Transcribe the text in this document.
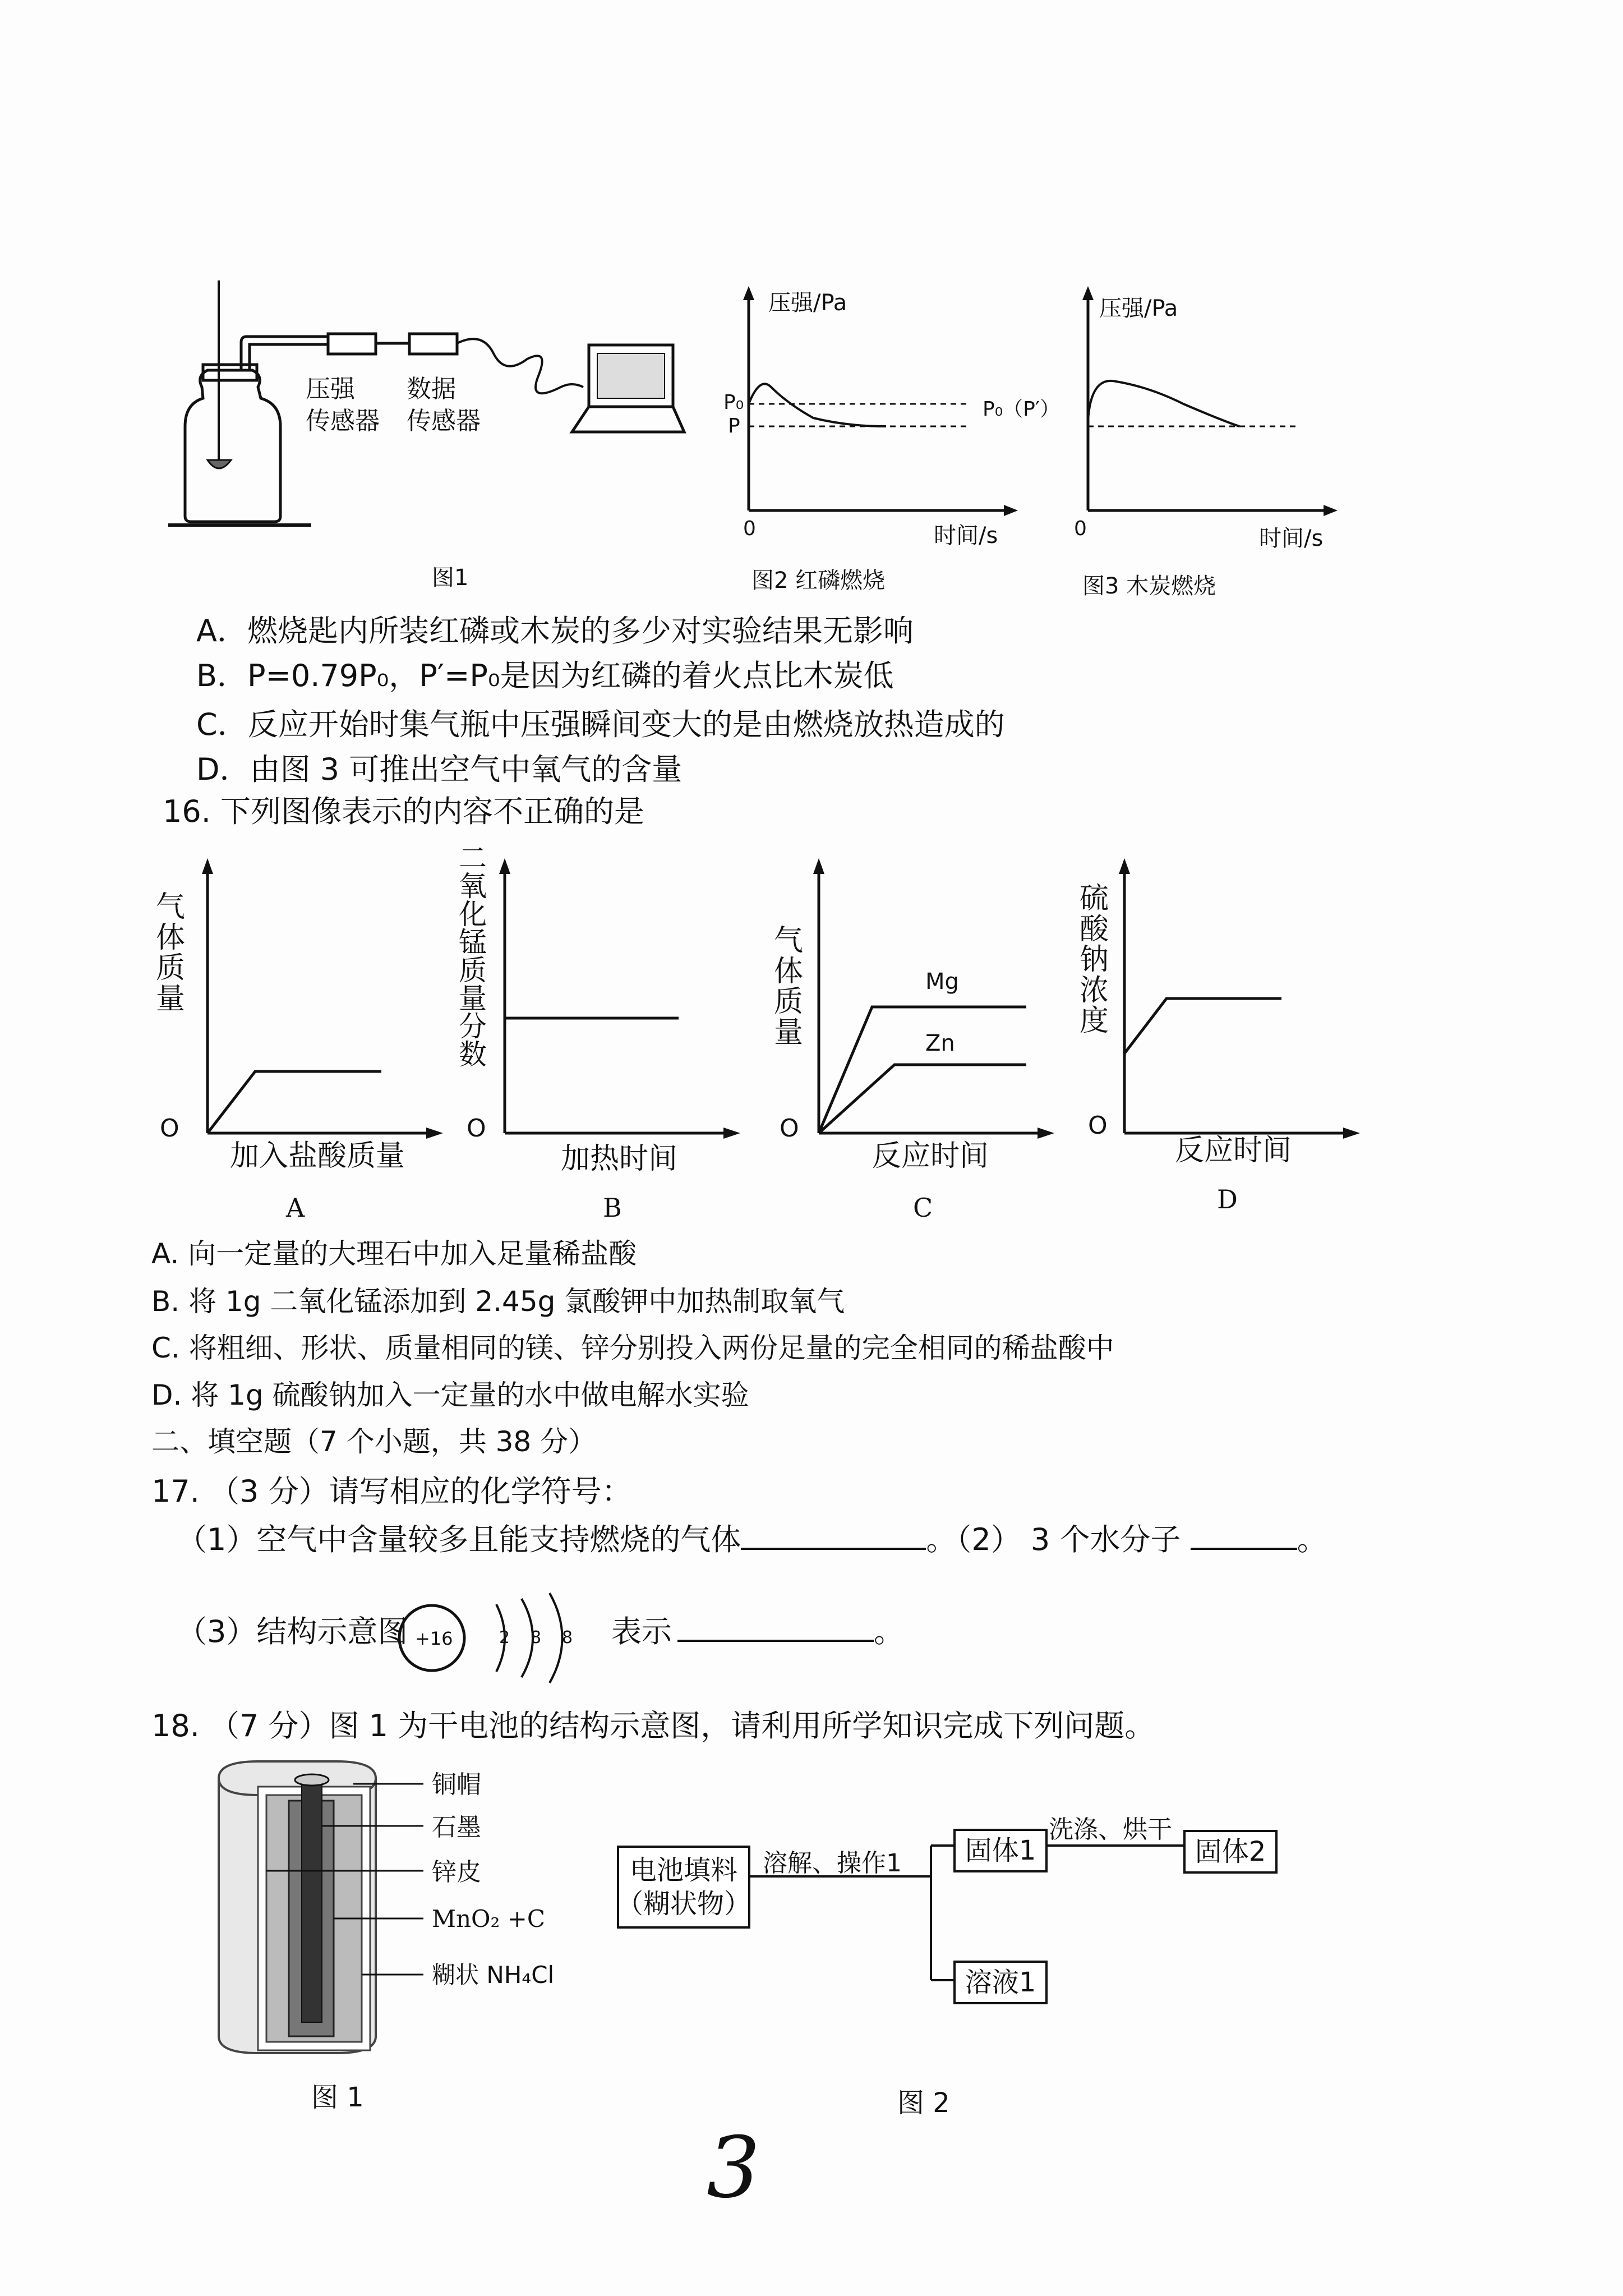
压强
传感器
数据
传感器
图1
压强/Pa
P₀
P
0	时间/s
图2 红磷燃烧
压强/Pa
P₀（P′）
0	时间/s
图3 木炭燃烧
A．燃烧匙内所装红磷或木炭的多少对实验结果无影响
B．P=0.79P₀，P′=P₀是因为红磷的着火点比木炭低
C．反应开始时集气瓶中压强瞬间变大的是由燃烧放热造成的
D．由图 3 可推出空气中氧气的含量
16. 下列图像表示的内容不正确的是
气体质量
O
加入盐酸质量
A
二氧化锰质量分数
O
加热时间
B
气体质量
Mg
Zn
O
反应时间
C
硫酸钠浓度
O
反应时间
D
A. 向一定量的大理石中加入足量稀盐酸
B. 将 1g 二氧化锰添加到 2.45g 氯酸钾中加热制取氧气
C. 将粗细、形状、质量相同的镁、锌分别投入两份足量的完全相同的稀盐酸中
D. 将 1g 硫酸钠加入一定量的水中做电解水实验
二、填空题（7 个小题，共 38 分）
17. （3 分）请写相应的化学符号：
（1）空气中含量较多且能支持燃烧的气体	。（2） 3 个水分子	。
（3）结构示意图 +16	2 8 8 表示	。
18. （7 分）图 1 为干电池的结构示意图，请利用所学知识完成下列问题。
铜帽
石墨
锌皮
MnO₂ +C
糊状 NH₄Cl
图 1
电池填料
（糊状物）
溶解、操作1	固体1
洗涤、烘干
固体2
溶液1
图 2
3
